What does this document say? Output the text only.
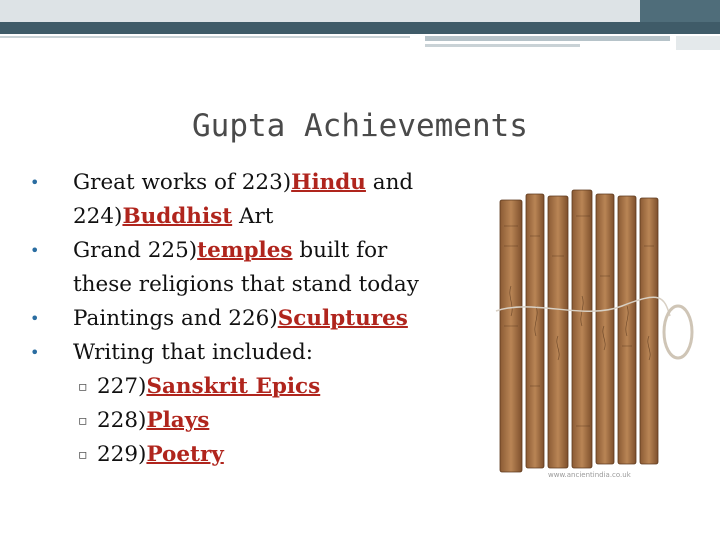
Gupta Achievements
•	Great works of 223)Hindu and
224)Buddhist Art
•	Grand 225)temples built for
these religions that stand today
•	Paintings and 226)Sculptures
•	Writing that included:
▫ 227)Sanskrit Epics
▫ 228)Plays
▫ 229)Poetry
www.ancientindia.co.uk
